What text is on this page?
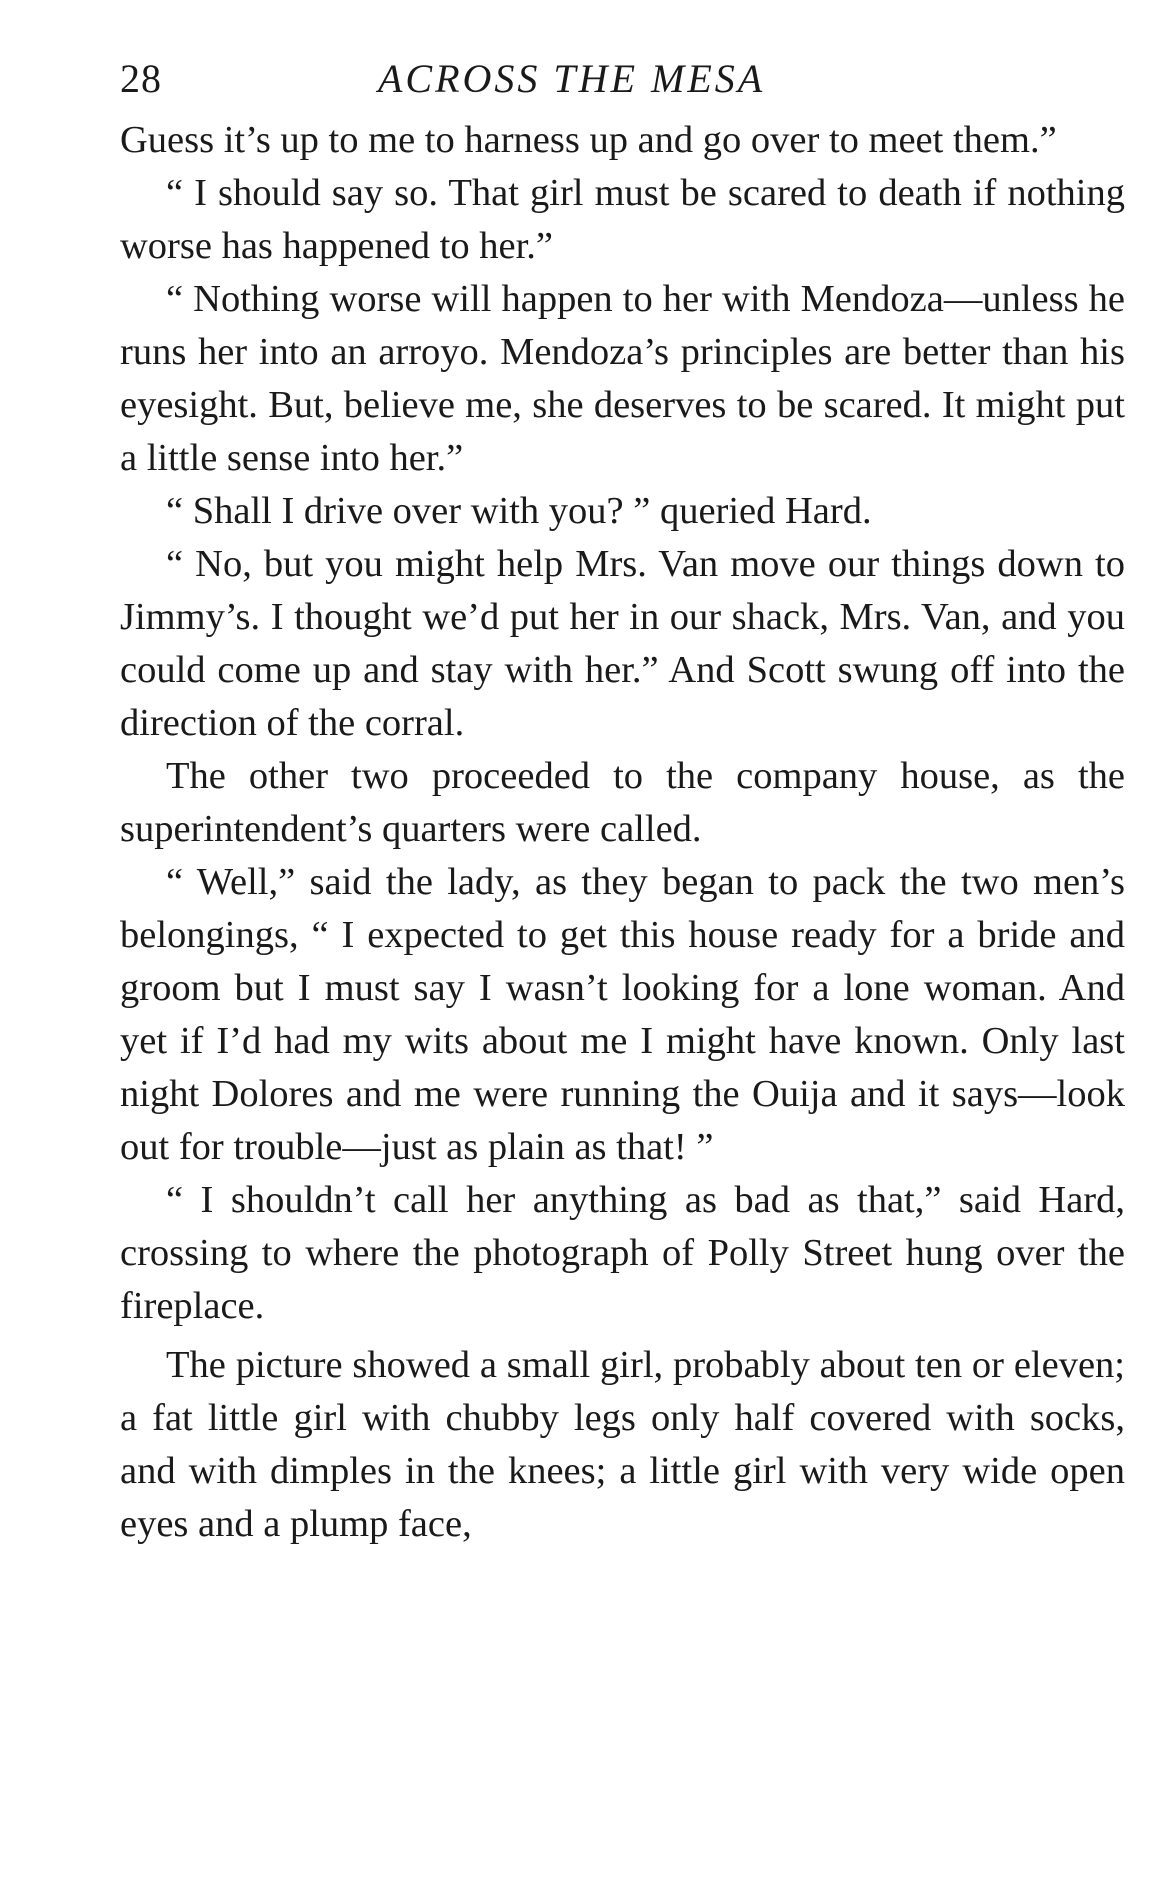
28	ACROSS THE MESA

Guess it’s up to me to harness up and go over to meet them.”

“ I should say so. That girl must be scared to death if nothing worse has happened to her.”

“ Nothing worse will happen to her with Mendoza—unless he runs her into an arroyo. Mendoza’s principles are better than his eyesight. But, believe me, she deserves to be scared. It might put a little sense into her.”

“ Shall I drive over with you? ” queried Hard.

“ No, but you might help Mrs. Van move our things down to Jimmy’s. I thought we’d put her in our shack, Mrs. Van, and you could come up and stay with her.” And Scott swung off into the direction of the corral.

The other two proceeded to the company house, as the superintendent’s quarters were called.

“ Well,” said the lady, as they began to pack the two men’s belongings, “ I expected to get this house ready for a bride and groom but I must say I wasn’t looking for a lone woman. And yet if I’d had my wits about me I might have known. Only last night Dolores and me were running the Ouija and it says—look out for trouble—just as plain as that! ”

“ I shouldn’t call her anything as bad as that,” said Hard, crossing to where the photograph of Polly Street hung over the fireplace.

The picture showed a small girl, probably about ten or eleven; a fat little girl with chubby legs only half covered with socks, and with dimples in the knees; a little girl with very wide open eyes and a plump face,
